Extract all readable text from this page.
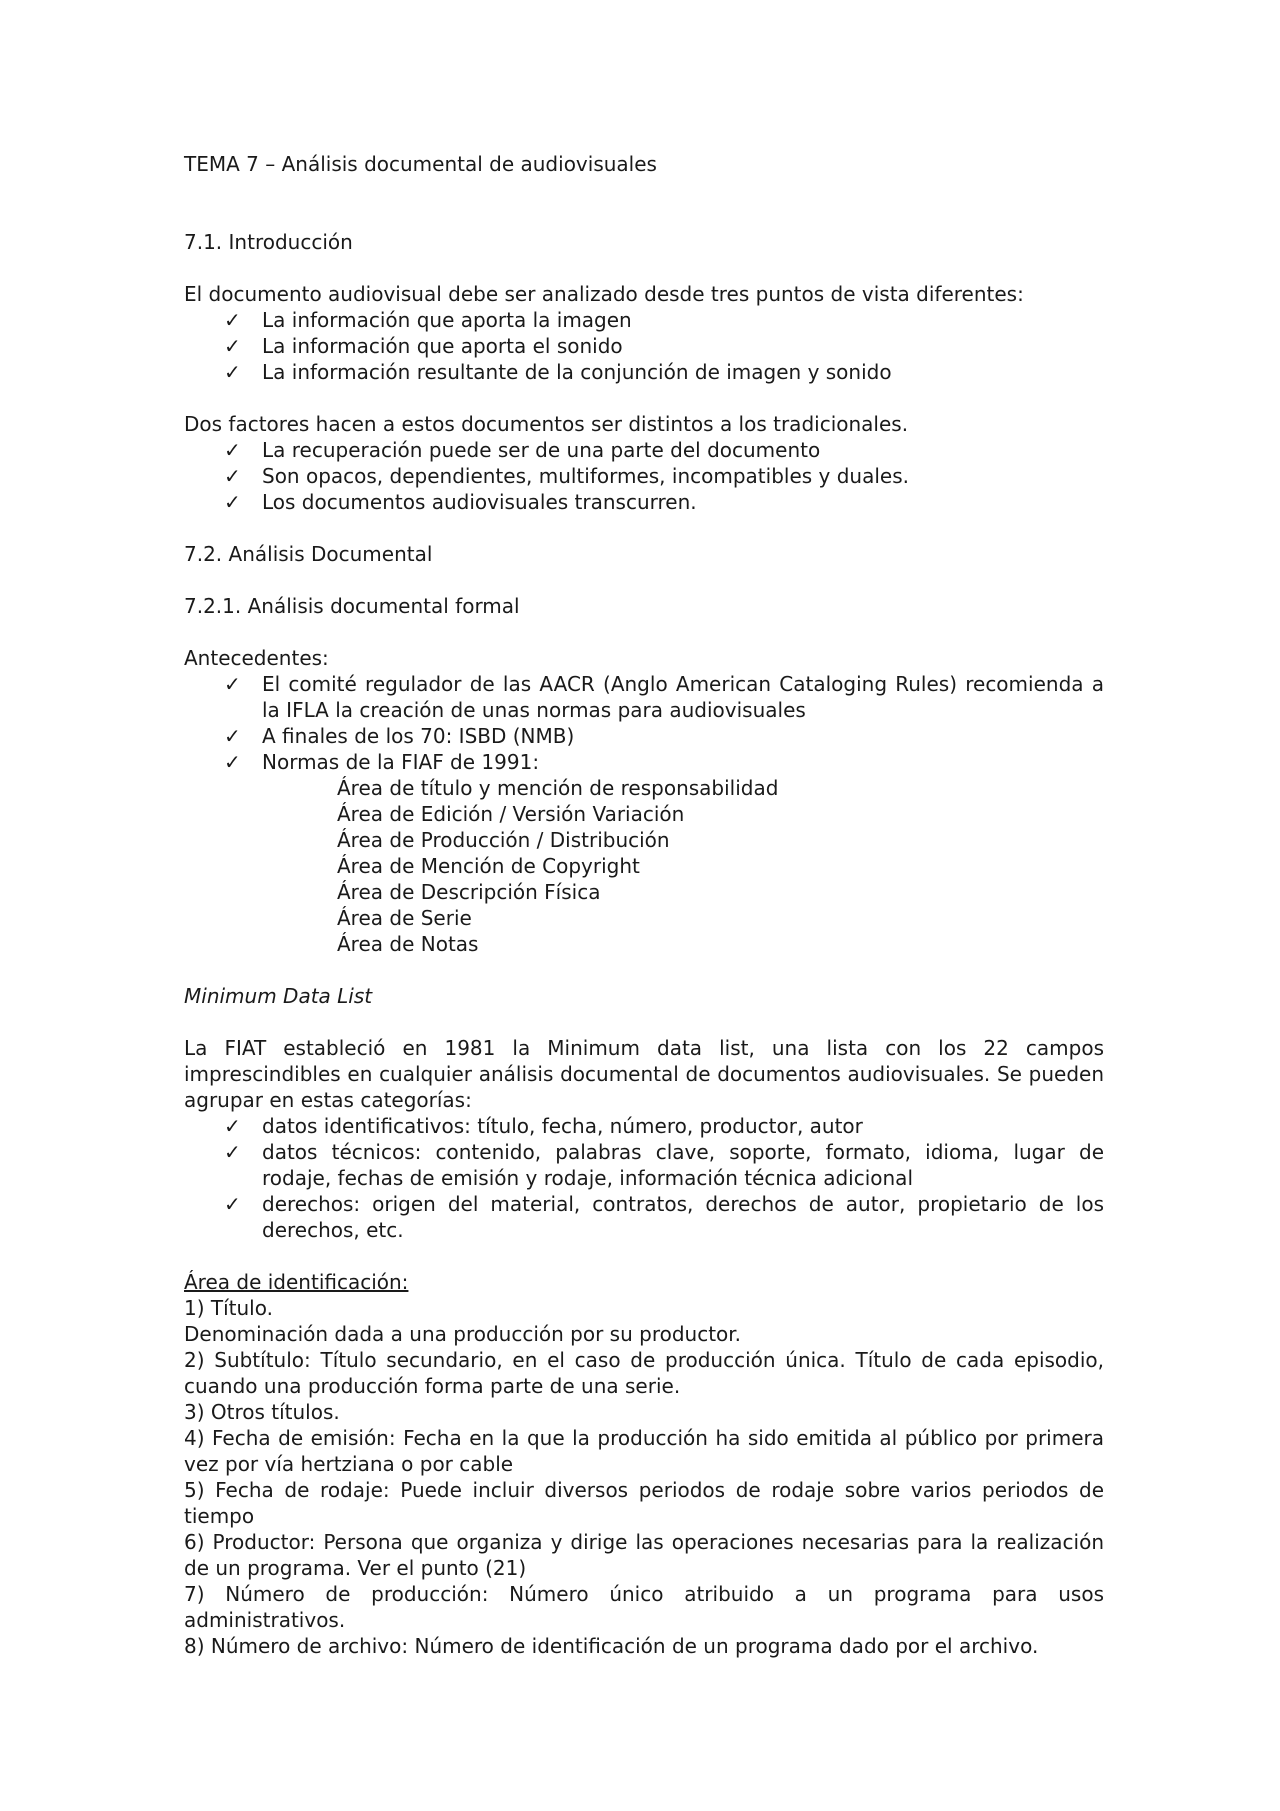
TEMA 7 – Análisis documental de audiovisuales

7.1. Introducción

El documento audiovisual debe ser analizado desde tres puntos de vista diferentes:

✓ La información que aporta la imagen
✓ La información que aporta el sonido
✓ La información resultante de la conjunción de imagen y sonido

Dos factores hacen a estos documentos ser distintos a los tradicionales.

✓ La recuperación puede ser de una parte del documento
✓ Son opacos, dependientes, multiformes, incompatibles y duales.
✓ Los documentos audiovisuales transcurren.

7.2. Análisis Documental

7.2.1. Análisis documental formal

Antecedentes:

✓ El comité regulador de las AACR (Anglo American Cataloging Rules) recomienda a la IFLA la creación de unas normas para audiovisuales
✓ A finales de los 70: ISBD (NMB)
✓ Normas de la FIAF de 1991:

Área de título y mención de responsabilidad

Área de Edición / Versión Variación

Área de Producción / Distribución

Área de Mención de Copyright

Área de Descripción Física

Área de Serie

Área de Notas

Minimum Data List

La FIAT estableció en 1981 la Minimum data list, una lista con los 22 campos imprescindibles en cualquier análisis documental de documentos audiovisuales. Se pueden agrupar en estas categorías:

✓ datos identificativos: título, fecha, número, productor, autor
✓ datos técnicos: contenido, palabras clave, soporte, formato, idioma, lugar de rodaje, fechas de emisión y rodaje, información técnica adicional
✓ derechos: origen del material, contratos, derechos de autor, propietario de los derechos, etc.

Área de identificación:

1) Título.

Denominación dada a una producción por su productor.

2) Subtítulo: Título secundario, en el caso de producción única. Título de cada episodio, cuando una producción forma parte de una serie.

3) Otros títulos.

4) Fecha de emisión: Fecha en la que la producción ha sido emitida al público por primera vez por vía hertziana o por cable

5) Fecha de rodaje: Puede incluir diversos periodos de rodaje sobre varios periodos de tiempo

6) Productor: Persona que organiza y dirige las operaciones necesarias para la realización de un programa. Ver el punto (21)

7) Número de producción: Número único atribuido a un programa para usos administrativos.

8) Número de archivo: Número de identificación de un programa dado por el archivo.
